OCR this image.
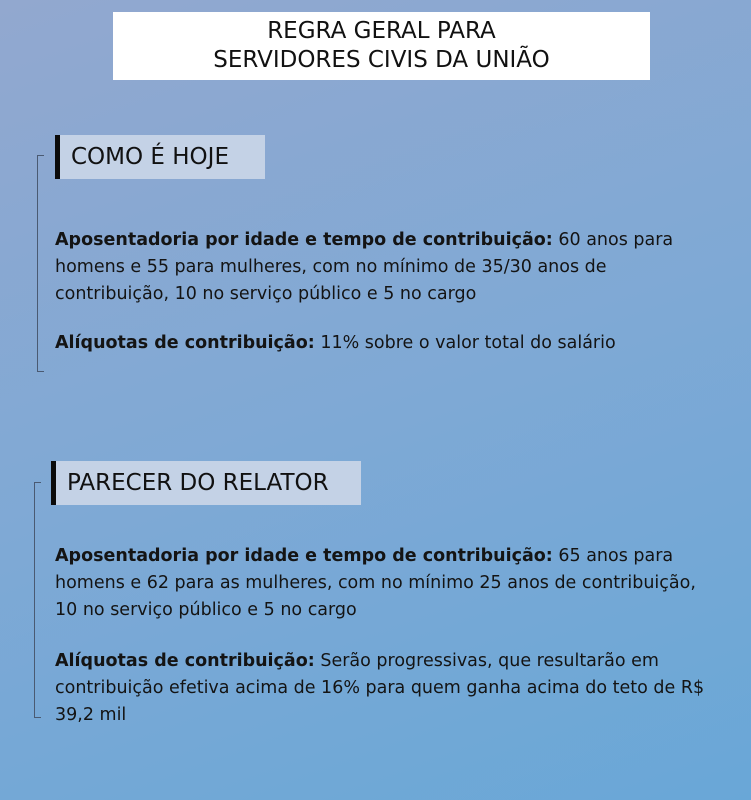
REGRA GERAL PARA
SERVIDORES CIVIS DA UNIÃO
COMO É HOJE
Aposentadoria por idade e tempo de contribuição: 60 anos para homens e 55 para mulheres, com no mínimo de 35/30 anos de contribuição, 10 no serviço público e 5 no cargo
Alíquotas de contribuição: 11% sobre o valor total do salário
PARECER DO RELATOR
Aposentadoria por idade e tempo de contribuição: 65 anos para homens e 62 para as mulheres, com no mínimo 25 anos de contribuição, 10 no serviço público e 5 no cargo
Alíquotas de contribuição: Serão progressivas, que resultarão em contribuição efetiva acima de 16% para quem ganha acima do teto de R$ 39,2 mil
